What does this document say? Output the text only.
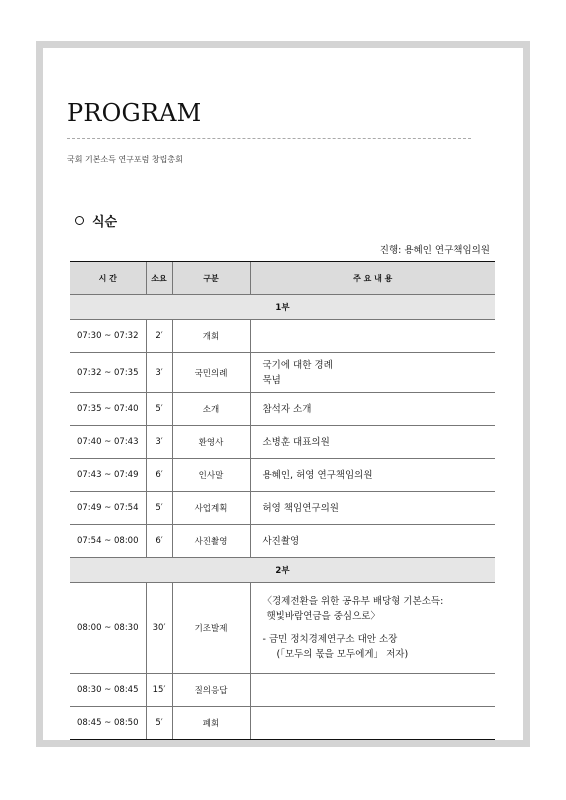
PROGRAM
국회 기본소득 연구포럼 창립총회
식순
진행: 용혜인 연구책임의원
시 간	소요	구분	주 요 내 용
1부			
07:30 ~ 07:32	2′	개회	

07:32 ~ 07:35	3′	국민의례	국기에 대한 경례
묵념

07:35 ~ 07:40	5′	소개	참석자 소개

07:40 ~ 07:43	3′	환영사	소병훈 대표의원

07:43 ~ 07:49	6′	인사말	용혜인, 허영 연구책임의원

07:49 ~ 07:54	5′	사업계획	허영 책임연구의원

07:54 ~ 08:00	6′	사진촬영	사진촬영

2부			
08:00 ~ 08:30	30′	기조발제	〈경제전환을 위한 공유부 배당형 기본소득:
햇빛바람연금을 중심으로〉
- 금민 정치경제연구소 대안 소장
(「모두의 몫을 모두에게」 저자)

08:30 ~ 08:45	15′	질의응답	

08:45 ~ 08:50	5′	폐회	
